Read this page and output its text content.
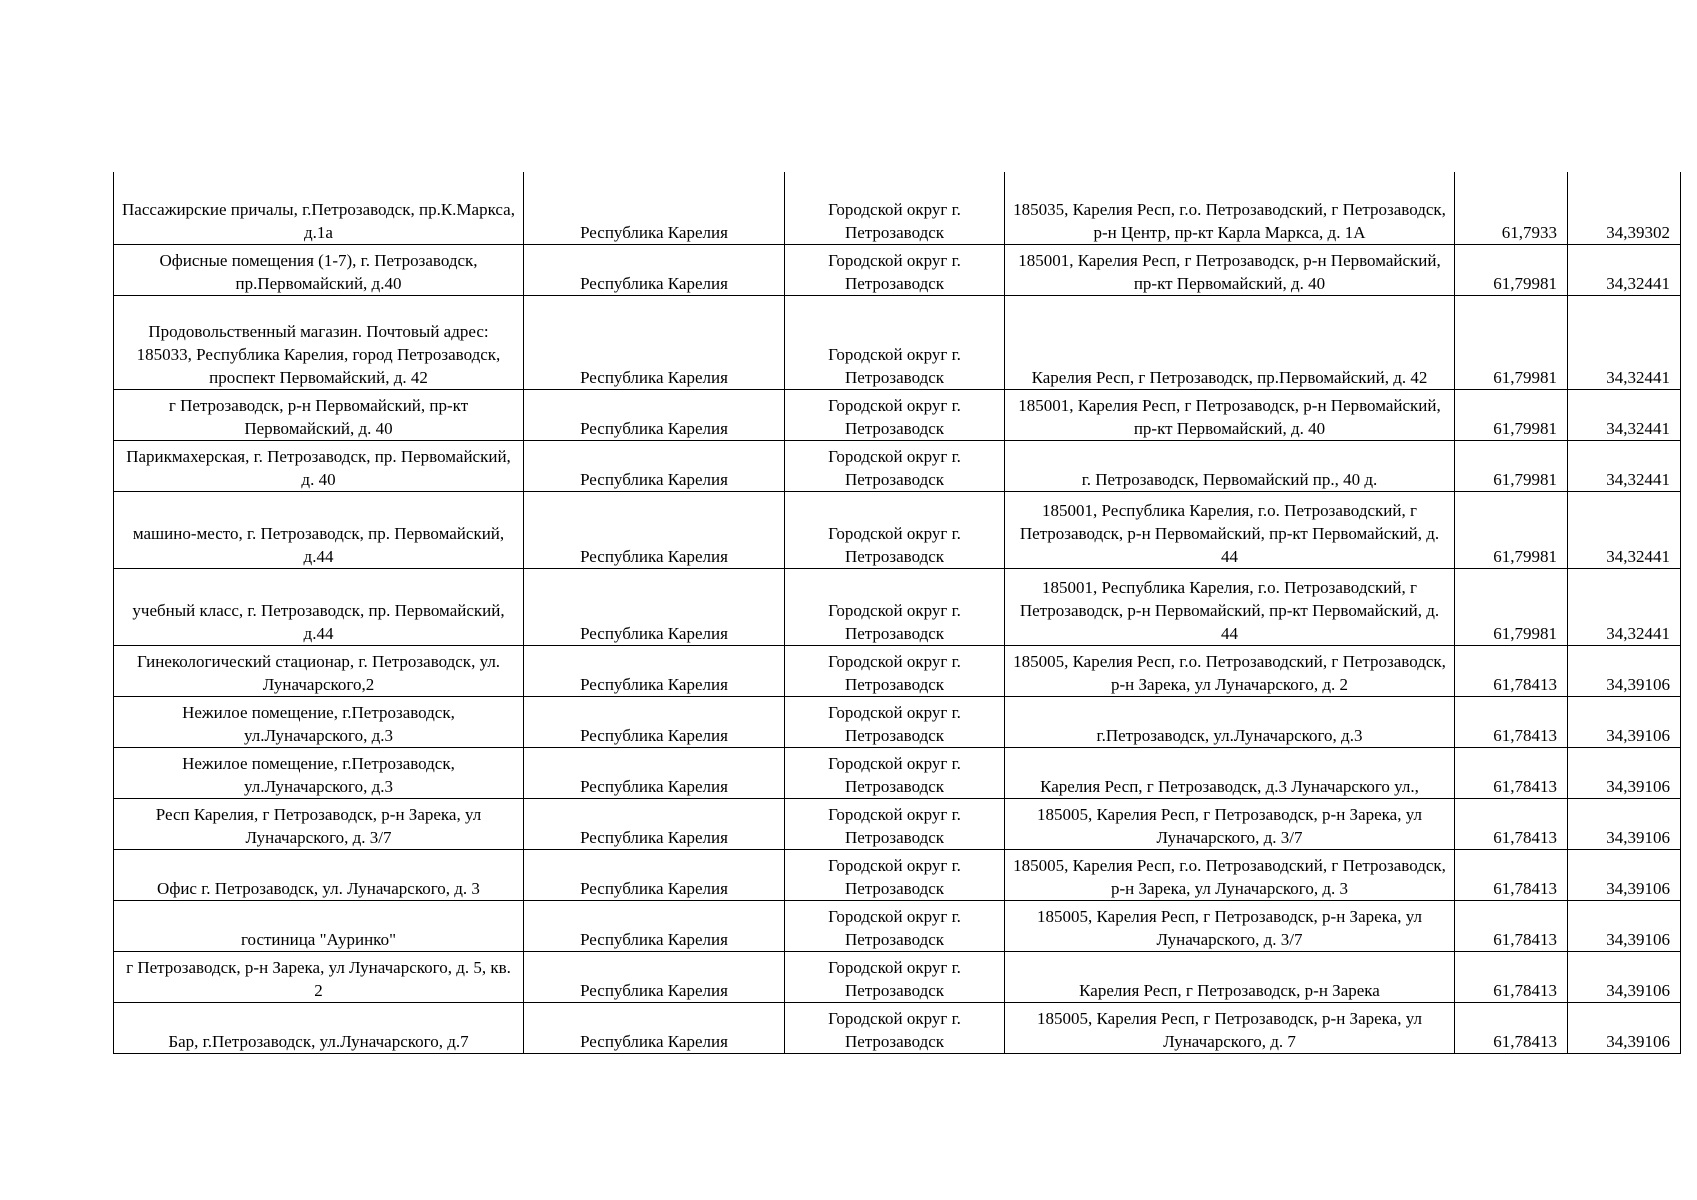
Пассажирские причалы, г.Петрозаводск, пр.К.Маркса, д.1а	Республика Карелия	Городской округ г. Петрозаводск	185035, Карелия Респ, г.о. Петрозаводский, г Петрозаводск, р-н Центр, пр-кт Карла Маркса, д. 1А	61,7933	34,39302
Офисные помещения (1-7), г. Петрозаводск, пр.Первомайский, д.40	Республика Карелия	Городской округ г. Петрозаводск	185001, Карелия Респ, г Петрозаводск, р-н Первомайский, пр-кт Первомайский, д. 40	61,79981	34,32441
Продовольственный магазин. Почтовый адрес: 185033, Республика Карелия, город Петрозаводск, проспект Первомайский, д. 42	Республика Карелия	Городской округ г. Петрозаводск	Карелия Респ, г Петрозаводск, пр.Первомайский, д. 42	61,79981	34,32441
г Петрозаводск, р-н Первомайский, пр-кт Первомайский, д. 40	Республика Карелия	Городской округ г. Петрозаводск	185001, Карелия Респ, г Петрозаводск, р-н Первомайский, пр-кт Первомайский, д. 40	61,79981	34,32441
Парикмахерская, г. Петрозаводск, пр. Первомайский, д. 40	Республика Карелия	Городской округ г. Петрозаводск	г. Петрозаводск, Первомайский пр., 40 д.	61,79981	34,32441
машино-место, г. Петрозаводск, пр. Первомайский, д.44	Республика Карелия	Городской округ г. Петрозаводск	185001, Республика Карелия, г.о. Петрозаводский, г Петрозаводск, р-н Первомайский, пр-кт Первомайский, д. 44	61,79981	34,32441
учебный класс, г. Петрозаводск, пр. Первомайский, д.44	Республика Карелия	Городской округ г. Петрозаводск	185001, Республика Карелия, г.о. Петрозаводский, г Петрозаводск, р-н Первомайский, пр-кт Первомайский, д. 44	61,79981	34,32441
Гинекологический стационар, г. Петрозаводск, ул. Луначарского,2	Республика Карелия	Городской округ г. Петрозаводск	185005, Карелия Респ, г.о. Петрозаводский, г Петрозаводск, р-н Зарека, ул Луначарского, д. 2	61,78413	34,39106
Нежилое помещение, г.Петрозаводск, ул.Луначарского, д.3	Республика Карелия	Городской округ г. Петрозаводск	г.Петрозаводск, ул.Луначарского, д.3	61,78413	34,39106
Нежилое помещение, г.Петрозаводск, ул.Луначарского, д.3	Республика Карелия	Городской округ г. Петрозаводск	Карелия Респ, г Петрозаводск, д.3 Луначарского ул.,	61,78413	34,39106
Респ Карелия, г Петрозаводск, р-н Зарека, ул Луначарского, д. 3/7	Республика Карелия	Городской округ г. Петрозаводск	185005, Карелия Респ, г Петрозаводск, р-н Зарека, ул Луначарского, д. 3/7	61,78413	34,39106
Офис г. Петрозаводск, ул. Луначарского, д. 3	Республика Карелия	Городской округ г. Петрозаводск	185005, Карелия Респ, г.о. Петрозаводский, г Петрозаводск, р-н Зарека, ул Луначарского, д. 3	61,78413	34,39106
гостиница "Ауринко"	Республика Карелия	Городской округ г. Петрозаводск	185005, Карелия Респ, г Петрозаводск, р-н Зарека, ул Луначарского, д. 3/7	61,78413	34,39106
г Петрозаводск, р-н Зарека, ул Луначарского, д. 5, кв. 2	Республика Карелия	Городской округ г. Петрозаводск	Карелия Респ, г Петрозаводск, р-н Зарека	61,78413	34,39106
Бар, г.Петрозаводск, ул.Луначарского, д.7	Республика Карелия	Городской округ г. Петрозаводск	185005, Карелия Респ, г Петрозаводск, р-н Зарека, ул Луначарского, д. 7	61,78413	34,39106
